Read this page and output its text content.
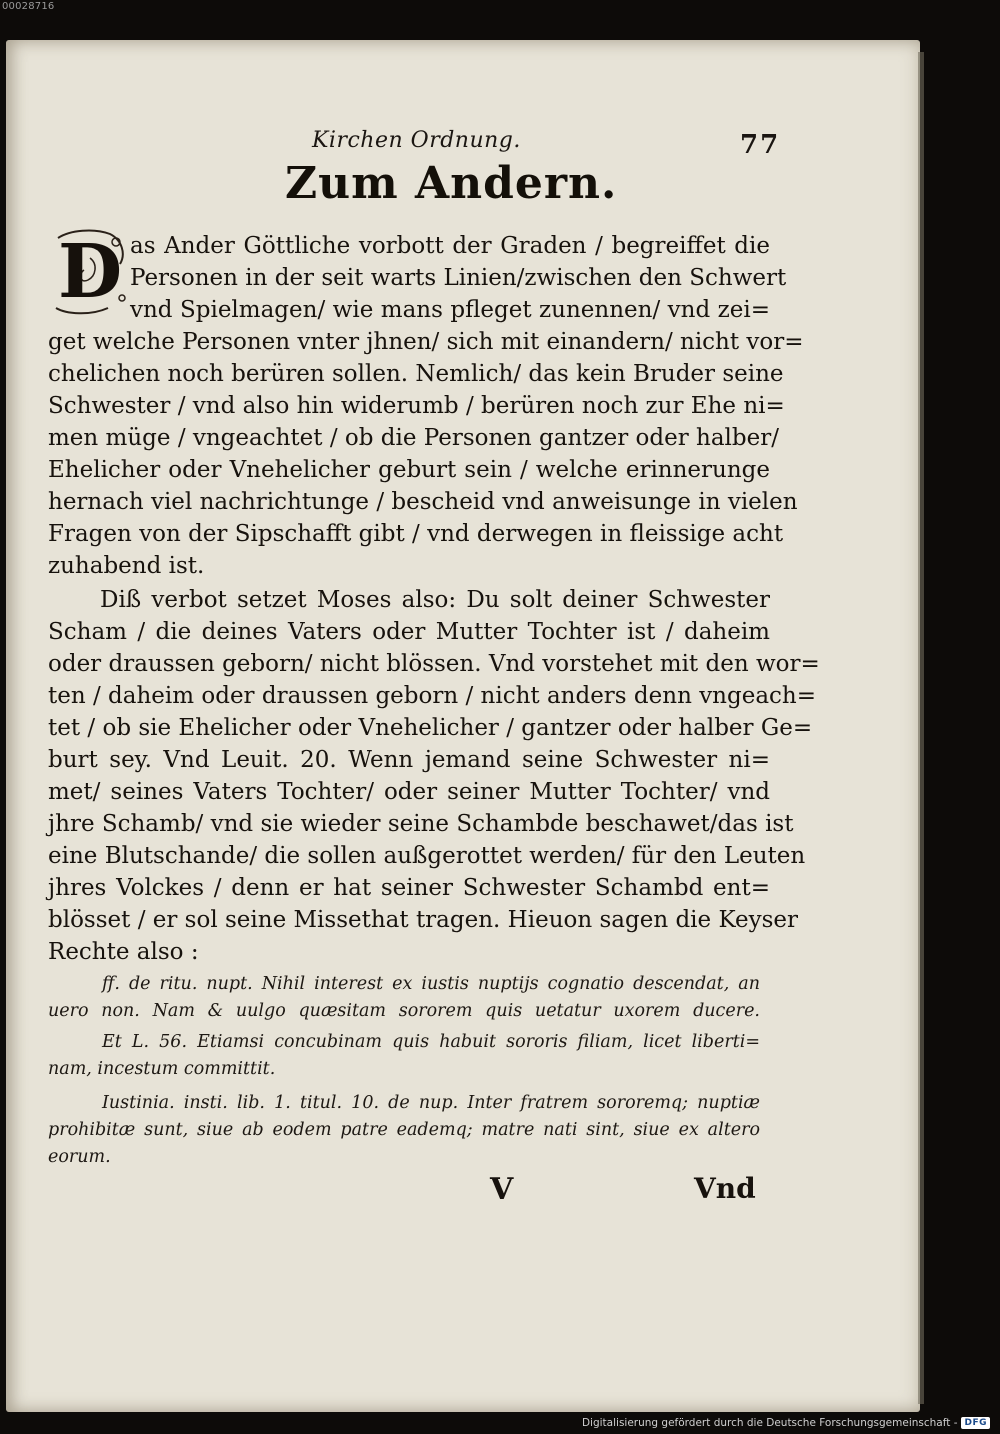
00028716
Kirchen Ordnung.	77
Zum Andern.
D as Ander Göttliche vorbott der Graden / begreiffet die
Personen in der seit warts Linien/zwischen den Schwert
vnd Spielmagen/ wie mans pfleget zunennen/ vnd zei=
get welche Personen vnter jhnen/ sich mit einandern/ nicht vor=
chelichen noch berüren sollen. Nemlich/ das kein Bruder seine
Schwester / vnd also hin widerumb / berüren noch zur Ehe ni=
men müge / vngeachtet / ob die Personen gantzer oder halber/
Ehelicher oder Vnehelicher geburt sein / welche erinnerunge
hernach viel nachrichtunge / bescheid vnd anweisunge in vielen
Fragen von der Sipschafft gibt / vnd derwegen in fleissige acht
zuhabend ist.
Diß verbot setzet Moses also: Du solt deiner Schwester
Scham / die deines Vaters oder Mutter Tochter ist / daheim
oder draussen geborn/ nicht blössen. Vnd vorstehet mit den wor=
ten / daheim oder draussen geborn / nicht anders denn vngeach=
tet / ob sie Ehelicher oder Vnehelicher / gantzer oder halber Ge=
burt sey. Vnd Leuit. 20. Wenn jemand seine Schwester ni=
met/ seines Vaters Tochter/ oder seiner Mutter Tochter/ vnd
jhre Schamb/ vnd sie wieder seine Schambde beschawet/das ist
eine Blutschande/ die sollen außgerottet werden/ für den Leuten
jhres Volckes / denn er hat seiner Schwester Schambd ent=
blösset / er sol seine Missethat tragen. Hieuon sagen die Keyser
Rechte also :
ff. de ritu. nupt. Nihil interest ex iustis nuptijs cognatio descendat, an
uero non. Nam & uulgo quæsitam sororem quis uetatur uxorem ducere.
Et L. 56. Etiamsi concubinam quis habuit sororis filiam, licet liberti=
nam, incestum committit.
Iustinia. insti. lib. 1. titul. 10. de nup. Inter fratrem sororemq; nuptiæ
prohibitæ sunt, siue ab eodem patre eademq; matre nati sint, siue ex altero
eorum.
V	Vnd
Digitalisierung gefördert durch die Deutsche Forschungsgemeinschaft - DFG
